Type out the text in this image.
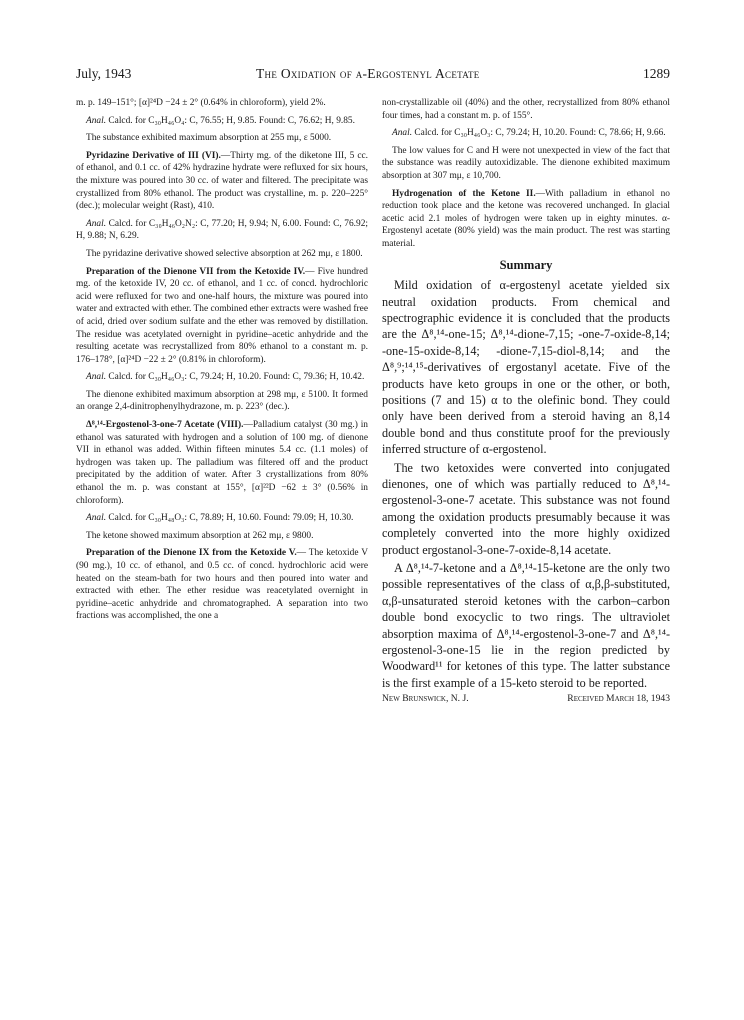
July, 1943	The Oxidation of α-Ergostenyl Acetate	1289

m. p. 149–151°; [α]²⁴D −24 ± 2° (0.64% in chloroform), yield 2%.

Anal. Calcd. for C₃₀H₄₆O₄: C, 76.55; H, 9.85. Found: C, 76.62; H, 9.85.

The substance exhibited maximum absorption at 255 mμ, ε 5000.

Pyridazine Derivative of III (VI).—Thirty mg. of the diketone III, 5 cc. of ethanol, and 0.1 cc. of 42% hydrazine hydrate were refluxed for six hours, the mixture was poured into 30 cc. of water and filtered. The precipitate was crystallized from 80% ethanol. The product was crystalline, m. p. 220–225° (dec.); molecular weight (Rast), 410.

Anal. Calcd. for C₃₀H₄₆O₂N₂: C, 77.20; H, 9.94; N, 6.00. Found: C, 76.92; H, 9.88; N, 6.29.

The pyridazine derivative showed selective absorption at 262 mμ, ε 1800.

Preparation of the Dienone VII from the Ketoxide IV.— Five hundred mg. of the ketoxide IV, 20 cc. of ethanol, and 1 cc. of concd. hydrochloric acid were refluxed for two and one-half hours, the mixture was poured into water and extracted with ether. The combined ether extracts were washed free of acid, dried over sodium sulfate and the ether was removed by distillation. The residue was acetylated overnight in pyridine–acetic anhydride and the resulting acetate was recrystallized from 80% ethanol to a constant m. p. 176–178°, [α]²⁴D −22 ± 2° (0.81% in chloroform).

Anal. Calcd. for C₃₀H₄₆O₃: C, 79.24; H, 10.20. Found: C, 79.36; H, 10.42.

The dienone exhibited maximum absorption at 298 mμ, ε 5100. It formed an orange 2,4-dinitrophenylhydrazone, m. p. 223° (dec.).

Δ⁸,¹⁴-Ergostenol-3-one-7 Acetate (VIII).—Palladium catalyst (30 mg.) in ethanol was saturated with hydrogen and a solution of 100 mg. of dienone VII in ethanol was added. Within fifteen minutes 5.4 cc. (1.1 moles) of hydrogen was taken up. The palladium was filtered off and the product precipitated by the addition of water. After 3 crystallizations from 80% ethanol the m. p. was constant at 155°, [α]²²D −62 ± 3° (0.56% in chloroform).

Anal. Calcd. for C₃₀H₄₈O₃: C, 78.89; H, 10.60. Found: 79.09; H, 10.30.

The ketone showed maximum absorption at 262 mμ, ε 9800.

Preparation of the Dienone IX from the Ketoxide V.— The ketoxide V (90 mg.), 10 cc. of ethanol, and 0.5 cc. of concd. hydrochloric acid were heated on the steam-bath for two hours and then poured into water and extracted with ether. The ether residue was reacetylated overnight in pyridine–acetic anhydride and chromatographed. A separation into two fractions was accomplished, the one a

non-crystallizable oil (40%) and the other, recrystallized from 80% ethanol four times, had a constant m. p. of 155°.

Anal. Calcd. for C₃₀H₄₆O₃: C, 79.24; H, 10.20. Found: C, 78.66; H, 9.66.

The low values for C and H were not unexpected in view of the fact that the substance was readily autoxidizable. The dienone exhibited maximum absorption at 307 mμ, ε 10,700.

Hydrogenation of the Ketone II.—With palladium in ethanol no reduction took place and the ketone was recovered unchanged. In glacial acetic acid 2.1 moles of hydrogen were taken up in eighty minutes. α-Ergostenyl acetate (80% yield) was the main product. The rest was starting material.

Summary

Mild oxidation of α-ergostenyl acetate yielded six neutral oxidation products. From chemical and spectrographic evidence it is concluded that the products are the Δ⁸,¹⁴-one-15; Δ⁸,¹⁴-dione-7,15; -one-7-oxide-8,14; -one-15-oxide-8,14; -dione-7,15-diol-8,14; and the Δ⁸,⁹;¹⁴,¹⁵-derivatives of ergostanyl acetate. Five of the products have keto groups in one or the other, or both, positions (7 and 15) α to the olefinic bond. They could only have been derived from a steroid having an 8,14 double bond and thus constitute proof for the previously inferred structure of α-ergostenol.

The two ketoxides were converted into conjugated dienones, one of which was partially reduced to Δ⁸,¹⁴-ergostenol-3-one-7 acetate. This substance was not found among the oxidation products presumably because it was completely converted into the more highly oxidized product ergostanol-3-one-7-oxide-8,14 acetate.

A Δ⁸,¹⁴-7-ketone and a Δ⁸,¹⁴-15-ketone are the only two possible representatives of the class of α,β,β-substituted, α,β-unsaturated steroid ketones with the carbon–carbon double bond exocyclic to two rings. The ultraviolet absorption maxima of Δ⁸,¹⁴-ergostenol-3-one-7 and Δ⁸,¹⁴-ergostenol-3-one-15 lie in the region predicted by Woodward¹¹ for ketones of this type. The latter substance is the first example of a 15-keto steroid to be reported.

New Brunswick, N. J.	Received March 18, 1943
